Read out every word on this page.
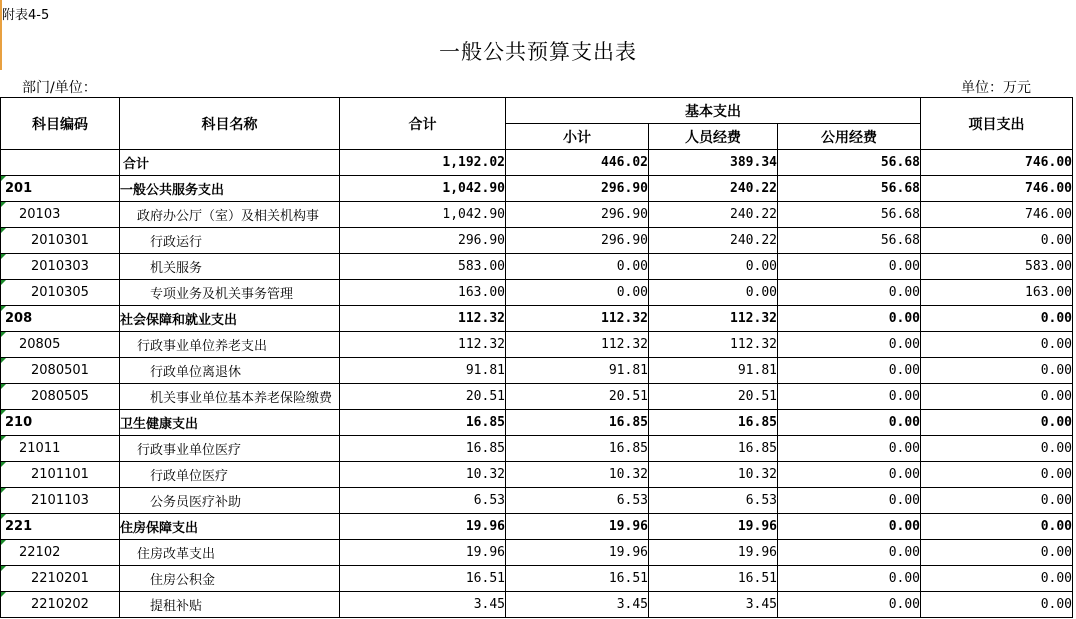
附表4-5
一般公共预算支出表
部门/单位：	单位：万元
科目编码	科目名称	合计	基本支出			项目支出
			小计	人员经费	公用经费	
	合计	1,192.02	446.02	389.34	56.68	746.00
201	一般公共服务支出	1,042.90	296.90	240.22	56.68	746.00
20103	政府办公厅（室）及相关机构事	1,042.90	296.90	240.22	56.68	746.00
2010301	行政运行	296.90	296.90	240.22	56.68	0.00
2010303	机关服务	583.00	0.00	0.00	0.00	583.00
2010305	专项业务及机关事务管理	163.00	0.00	0.00	0.00	163.00
208	社会保障和就业支出	112.32	112.32	112.32	0.00	0.00
20805	行政事业单位养老支出	112.32	112.32	112.32	0.00	0.00
2080501	行政单位离退休	91.81	91.81	91.81	0.00	0.00
2080505	机关事业单位基本养老保险缴费	20.51	20.51	20.51	0.00	0.00
210	卫生健康支出	16.85	16.85	16.85	0.00	0.00
21011	行政事业单位医疗	16.85	16.85	16.85	0.00	0.00
2101101	行政单位医疗	10.32	10.32	10.32	0.00	0.00
2101103	公务员医疗补助	6.53	6.53	6.53	0.00	0.00
221	住房保障支出	19.96	19.96	19.96	0.00	0.00
22102	住房改革支出	19.96	19.96	19.96	0.00	0.00
2210201	住房公积金	16.51	16.51	16.51	0.00	0.00
2210202	提租补贴	3.45	3.45	3.45	0.00	0.00
